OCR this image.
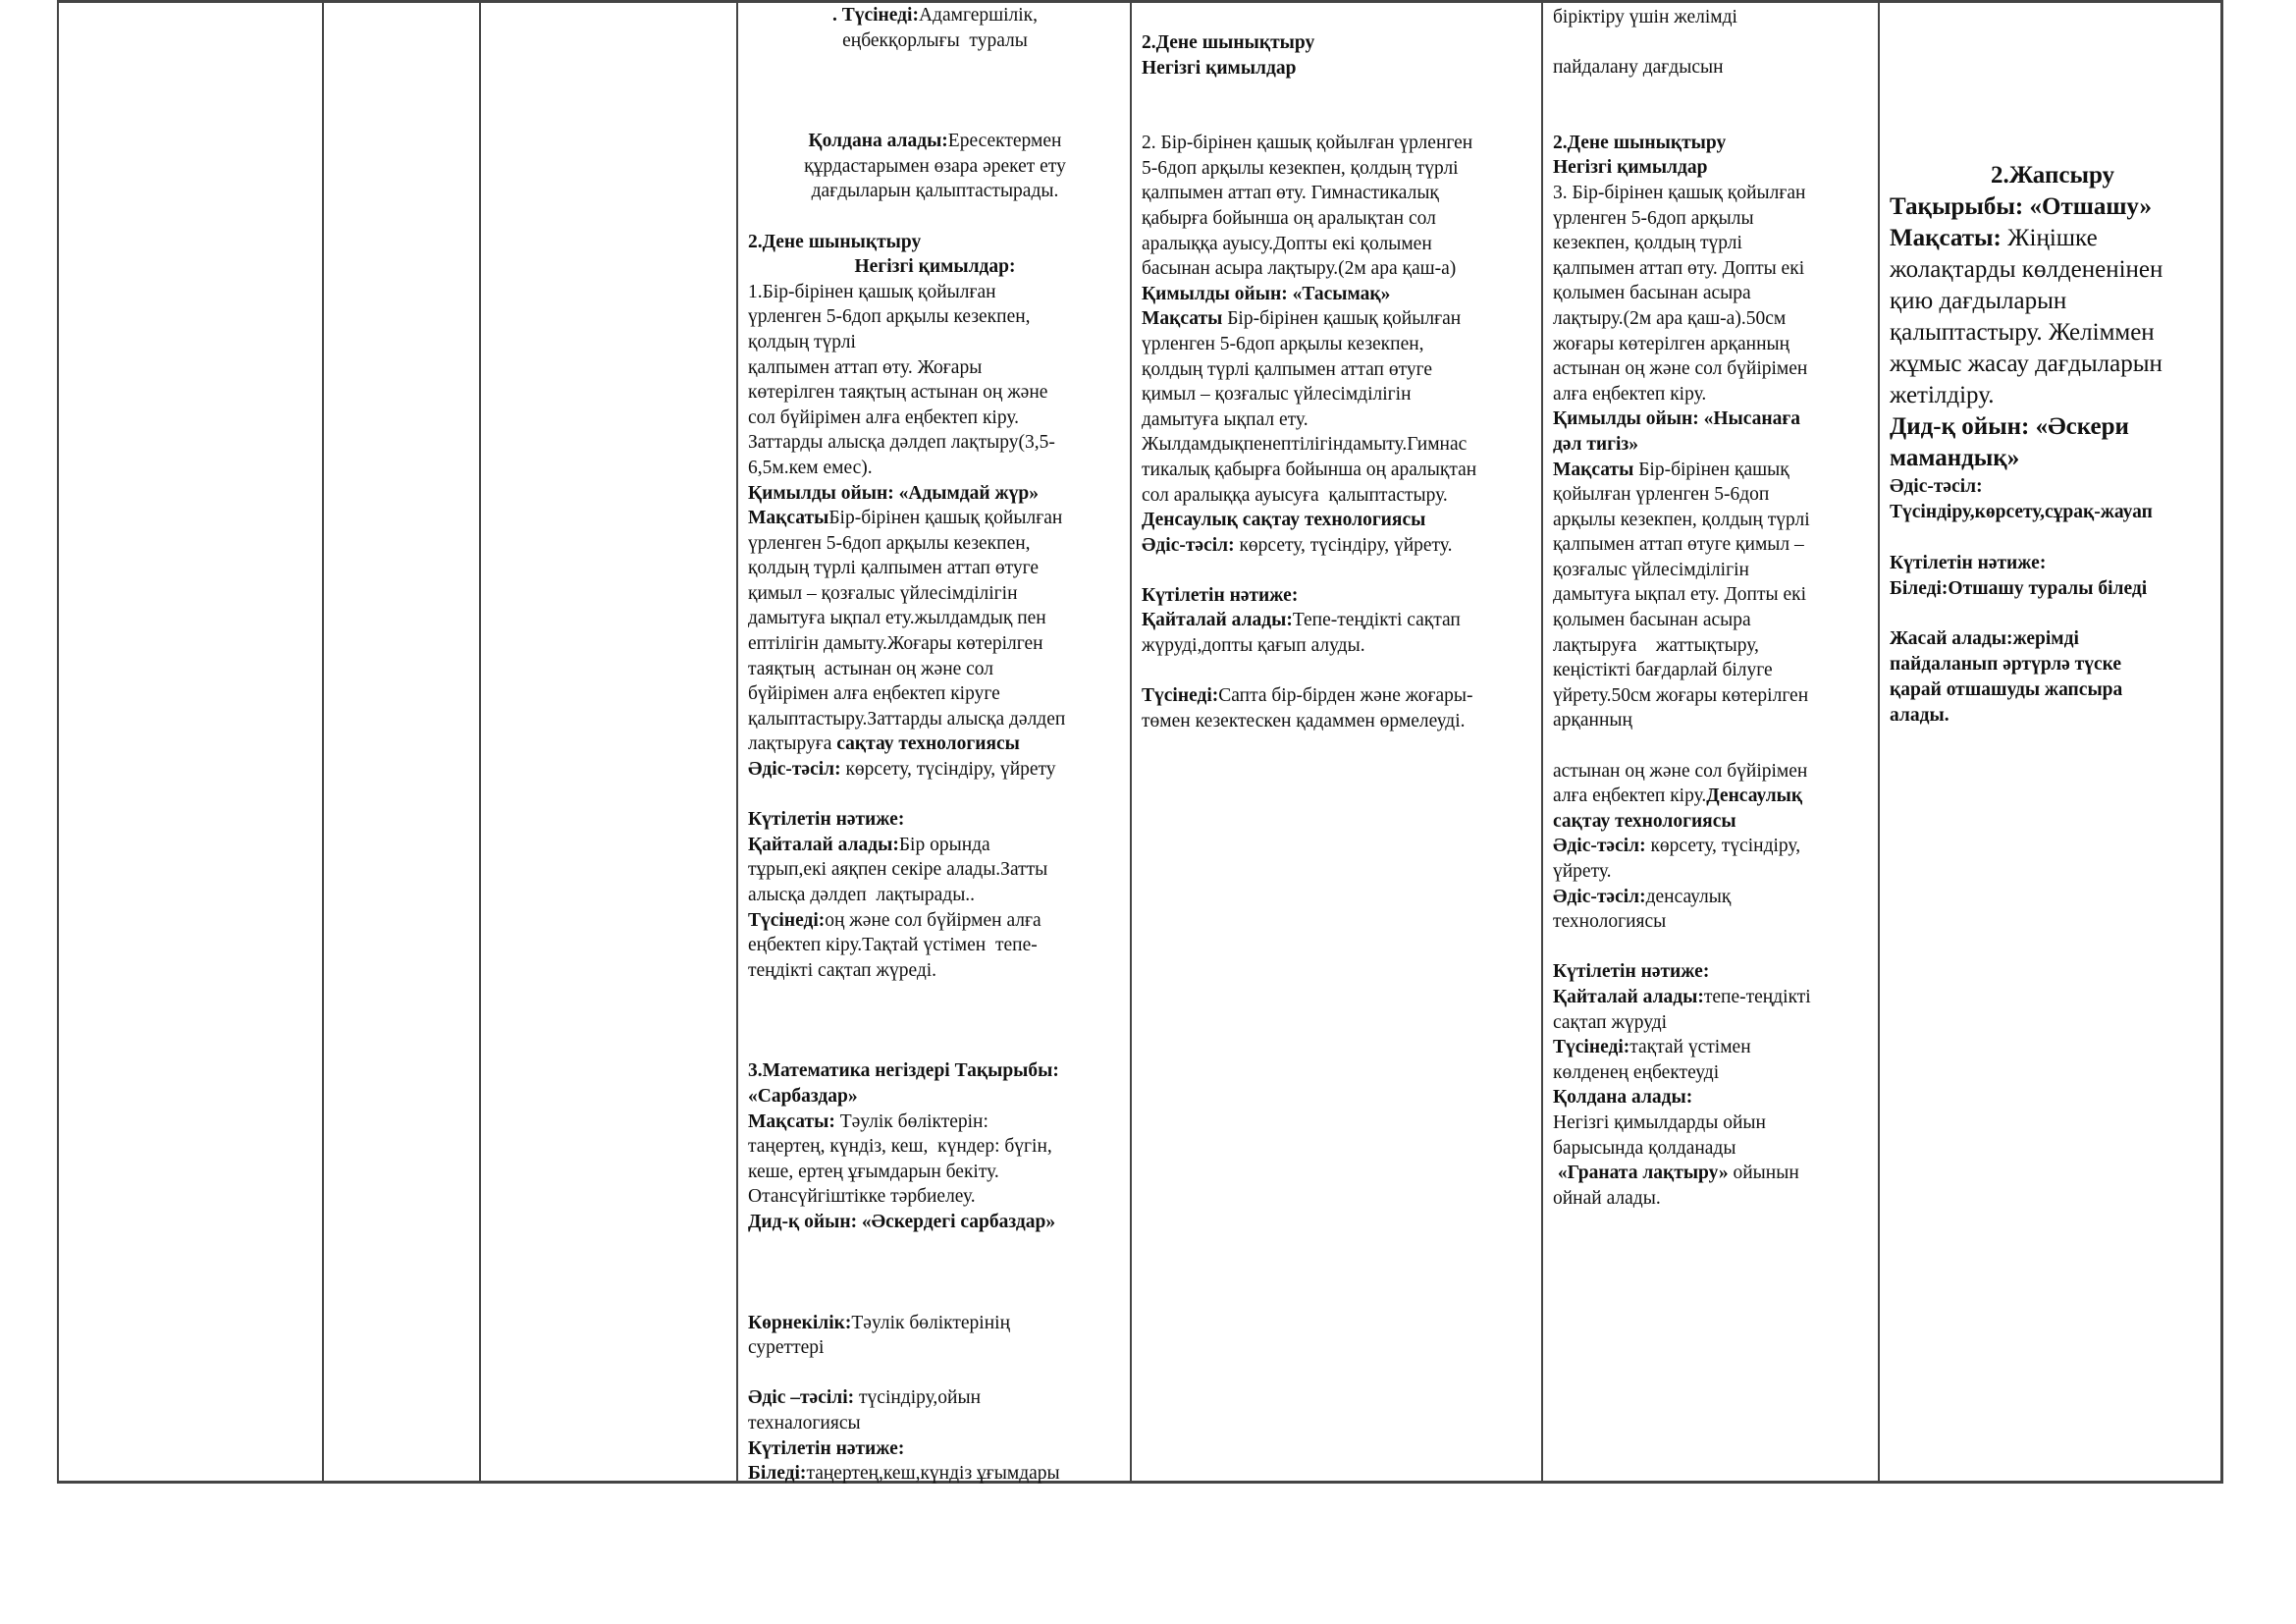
. Түсінеді:Адамгершілік,
еңбекқорлығы  туралы
Қолдана алады:Ересектермен
құрдастарымен өзара әрекет ету
дағдыларын қалыптастырады.
2.Дене шынықтыру
Негізгі қимылдар:
1.Бір-бірінен қашық қойылған
үрленген 5-6доп арқылы кезекпен,
қолдың түрлі
қалпымен аттап өту. Жоғары
көтерілген таяқтың астынан оң және
сол бүйірімен алға еңбектеп кіру.
Заттарды алысқа дәлдеп лақтыру(3,5-
6,5м.кем емес).
Қимылды ойын: «Адымдай жүр»
МақсатыБір-бірінен қашық қойылған
үрленген 5-6доп арқылы кезекпен,
қолдың түрлі қалпымен аттап өтуге
қимыл – қозғалыс үйлесімділігін
дамытуға ықпал ету.жылдамдық пен
ептілігін дамыту.Жоғары көтерілген
таяқтың  астынан оң және сол
бүйірімен алға еңбектеп кіруге
қалыптастыру.Заттарды алысқа дәлдеп
лақтыруға сақтау технологиясы
Әдіс-тәсіл: көрсету, түсіндіру, үйрету
Күтілетін нәтиже:
Қайталай алады:Бір орында
тұрып,екі аяқпен секіре алады.Затты
алысқа дәлдеп  лақтырады..
Түсінеді:оң және сол бүйірмен алға
еңбектеп кіру.Тақтай үстімен  тепе-
теңдікті сақтап жүреді.
3.Математика негіздері Тақырыбы:
«Сарбаздар»
Мақсаты: Тәулік бөліктерін:
таңертең, күндіз, кеш,  күндер: бүгін,
кеше, ертең ұғымдарын бекіту.
Отансүйгіштікке тәрбиелеу.
Дид-қ ойын: «Әскердегі сарбаздар»
Көрнекілік:Тәулік бөліктерінің
суреттері
Әдіс –тәсілі: түсіндіру,ойын
техналогиясы
Күтілетін нәтиже:
Біледі:таңертең,кеш,күндіз ұғымдары
2.Дене шынықтыру
Негізгі қимылдар
2. Бір-бірінен қашық қойылған үрленген
5-6доп арқылы кезекпен, қолдың түрлі
қалпымен аттап өту. Гимнастикалық
қабырға бойынша оң аралықтан сол
аралыққа ауысу.Допты екі қолымен
басынан асыра лақтыру.(2м ара қаш-а)
Қимылды ойын: «Тасымақ»
Мақсаты Бір-бірінен қашық қойылған
үрленген 5-6доп арқылы кезекпен,
қолдың түрлі қалпымен аттап өтуге
қимыл – қозғалыс үйлесімділігін
дамытуға ықпал ету.
Жылдамдықпенептілігіндамыту.Гимнас
тикалық қабырға бойынша оң аралықтан
сол аралыққа ауысуға  қалыптастыру.
Денсаулық сақтау технологиясы
Әдіс-тәсіл: көрсету, түсіндіру, үйрету.
Күтілетін нәтиже:
Қайталай алады:Тепе-теңдікті сақтап
жүруді,допты қағып алуды.
Түсінеді:Сапта бір-бірден және жоғары-
төмен кезектескен қадаммен өрмелеуді.
біріктіру үшін желімді
пайдалану дағдысын
2.Дене шынықтыру
Негізгі қимылдар
3. Бір-бірінен қашық қойылған
үрленген 5-6доп арқылы
кезекпен, қолдың түрлі
қалпымен аттап өту. Допты екі
қолымен басынан асыра
лақтыру.(2м ара қаш-а).50см
жоғары көтерілген арқанның
астынан оң және сол бүйірімен
алға еңбектеп кіру.
Қимылды ойын: «Нысанаға
дәл тигіз»
Мақсаты Бір-бірінен қашық
қойылған үрленген 5-6доп
арқылы кезекпен, қолдың түрлі
қалпымен аттап өтуге қимыл –
қозғалыс үйлесімділігін
дамытуға ықпал ету. Допты екі
қолымен басынан асыра
лақтыруға    жаттықтыру,
кеңістікті бағдарлай білуге
үйрету.50см жоғары көтерілген
арқанның
астынан оң және сол бүйірімен
алға еңбектеп кіру.Денсаулық
сақтау технологиясы
Әдіс-тәсіл: көрсету, түсіндіру,
үйрету.
Әдіс-тәсіл:денсаулық
технологиясы
Күтілетін нәтиже:
Қайталай алады:тепе-теңдікті
сақтап жүруді
Түсінеді:тақтай үстімен
көлденең еңбектеуді
Қолдана алады:
Негізгі қимылдарды ойын
барысында қолданады
«Граната лақтыру» ойынын
ойнай алады.
2.Жапсыру
Тақырыбы: «Отшашу»
Мақсаты: Жіңішке
жолақтарды көлдененінен
қию дағдыларын
қалыптастыру. Желіммен
жұмыс жасау дағдыларын
жетілдіру.
Дид-қ ойын: «Әскери
мамандық»
Әдіс-тәсіл:
Түсіндіру,көрсету,сұрақ-жауап
Күтілетін нәтиже:
Біледі:Отшашу туралы біледі
Жасай алады:жерімді
пайдаланып әртүрлә түске
қарай отшашуды жапсыра
алады.
